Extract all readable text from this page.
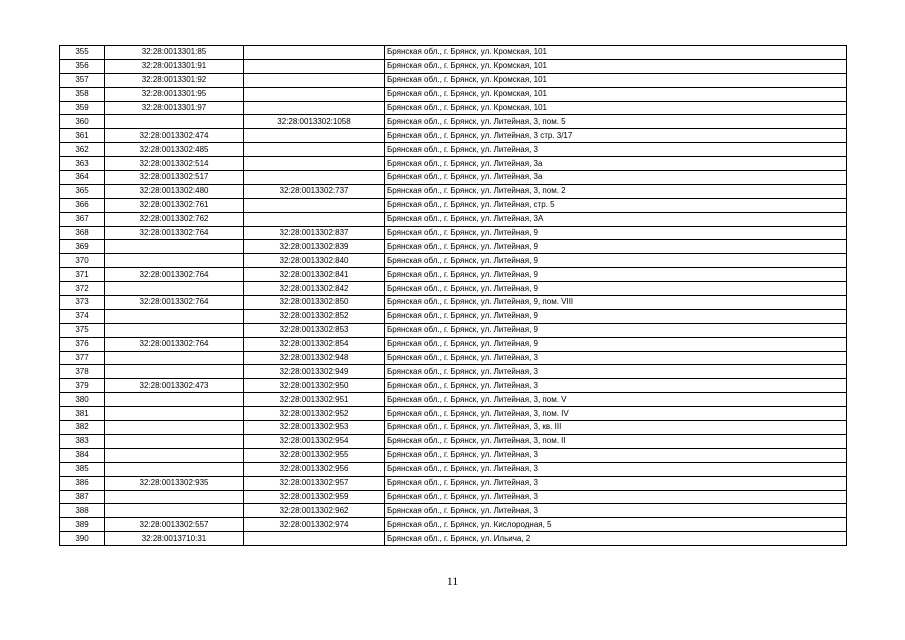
355	32:28:0013301:85		Брянская обл., г. Брянск, ул. Кромская, 101
356	32:28:0013301:91		Брянская обл., г. Брянск, ул. Кромская, 101
357	32:28:0013301:92		Брянская обл., г. Брянск, ул. Кромская, 101
358	32:28:0013301:95		Брянская обл., г. Брянск, ул. Кромская, 101
359	32:28:0013301:97		Брянская обл., г. Брянск, ул. Кромская, 101
360		32:28:0013302:1058	Брянская обл., г. Брянск, ул. Литейная, 3, пом. 5
361	32:28:0013302:474		Брянская обл., г. Брянск, ул. Литейная, 3 стр. 3/17
362	32:28:0013302:485		Брянская обл., г. Брянск, ул. Литейная, 3
363	32:28:0013302:514		Брянская обл., г. Брянск, ул. Литейная, 3а
364	32:28:0013302:517		Брянская обл., г. Брянск, ул. Литейная, 3а
365	32:28:0013302:480	32:28:0013302:737	Брянская обл., г. Брянск, ул. Литейная, 3, пом. 2
366	32:28:0013302:761		Брянская обл., г. Брянск, ул. Литейная, стр. 5
367	32:28:0013302:762		Брянская обл., г. Брянск, ул. Литейная, 3А
368	32:28:0013302:764	32:28:0013302:837	Брянская обл., г. Брянск, ул. Литейная, 9
369		32:28:0013302:839	Брянская обл., г. Брянск, ул. Литейная, 9
370		32:28:0013302:840	Брянская обл., г. Брянск, ул. Литейная, 9
371	32:28:0013302:764	32:28:0013302:841	Брянская обл., г. Брянск, ул. Литейная, 9
372		32:28:0013302:842	Брянская обл., г. Брянск, ул. Литейная, 9
373	32:28:0013302:764	32:28:0013302:850	Брянская обл., г. Брянск, ул. Литейная, 9, пом. VIII
374		32:28:0013302:852	Брянская обл., г. Брянск, ул. Литейная, 9
375		32:28:0013302:853	Брянская обл., г. Брянск, ул. Литейная, 9
376	32:28:0013302:764	32:28:0013302:854	Брянская обл., г. Брянск, ул. Литейная, 9
377		32:28:0013302:948	Брянская обл., г. Брянск, ул. Литейная, 3
378		32:28:0013302:949	Брянская обл., г. Брянск, ул. Литейная, 3
379	32:28:0013302:473	32:28:0013302:950	Брянская обл., г. Брянск, ул. Литейная, 3
380		32:28:0013302:951	Брянская обл., г. Брянск, ул. Литейная, 3, пом. V
381		32:28:0013302:952	Брянская обл., г. Брянск, ул. Литейная, 3, пом. IV
382		32:28:0013302:953	Брянская обл., г. Брянск, ул. Литейная, 3, кв. III
383		32:28:0013302:954	Брянская обл., г. Брянск, ул. Литейная, 3, пом. II
384		32:28:0013302:955	Брянская обл., г. Брянск, ул. Литейная, 3
385		32:28:0013302:956	Брянская обл., г. Брянск, ул. Литейная, 3
386	32:28:0013302:935	32:28:0013302:957	Брянская обл., г. Брянск, ул. Литейная, 3
387		32:28:0013302:959	Брянская обл., г. Брянск, ул. Литейная, 3
388		32:28:0013302:962	Брянская обл., г. Брянск, ул. Литейная, 3
389	32:28:0013302:557	32:28:0013302:974	Брянская обл., г. Брянск, ул. Кислородная, 5
390	32:28:0013710:31		Брянская обл., г. Брянск, ул. Ильича, 2
11
